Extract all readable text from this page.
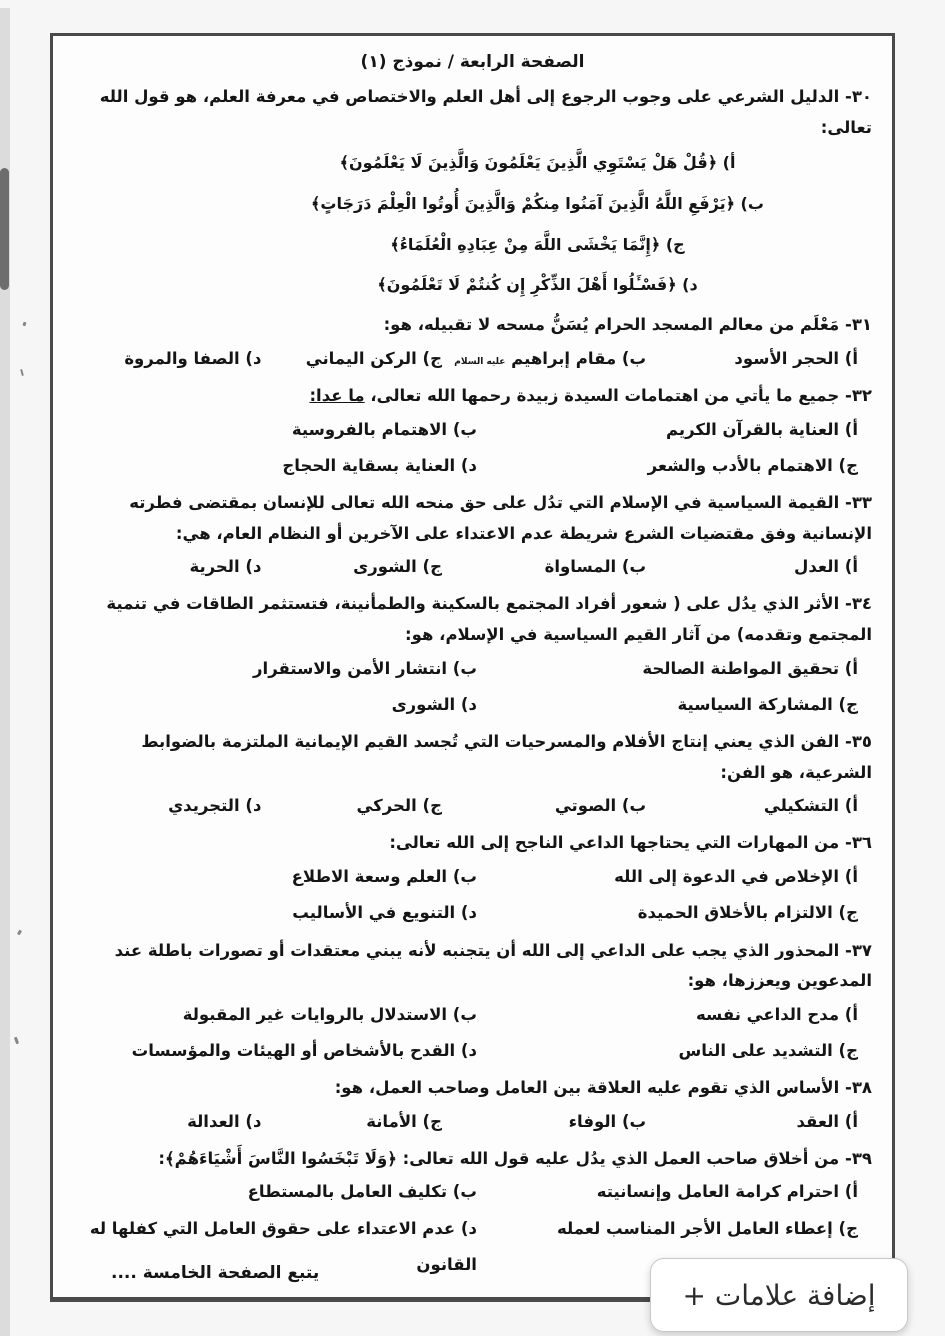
الصفحة الرابعة / نموذج (١)

٣٠- الدليل الشرعي على وجوب الرجوع إلى أهل العلم والاختصاص في معرفة العلم، هو قول الله تعالى:

أ) ﴿قُلْ هَلْ يَسْتَوِي الَّذِينَ يَعْلَمُونَ وَالَّذِينَ لَا يَعْلَمُونَ﴾

ب) ﴿يَرْفَعِ اللَّهُ الَّذِينَ آمَنُوا مِنكُمْ وَالَّذِينَ أُوتُوا الْعِلْمَ دَرَجَاتٍ﴾

ج) ﴿إِنَّمَا يَخْشَى اللَّهَ مِنْ عِبَادِهِ الْعُلَمَاءُ﴾

د) ﴿فَسْـَٔلُوا أَهْلَ الذِّكْرِ إِن كُنتُمْ لَا تَعْلَمُونَ﴾

٣١- مَعْلَم من معالم المسجد الحرام يُسَنُّ مسحه لا تقبيله، هو:

أ) الحجر الأسود

ب) مقام إبراهيم عليه السلام

ج) الركن اليماني

د) الصفا والمروة

٣٢- جميع ما يأتي من اهتمامات السيدة زبيدة رحمها الله تعالى، ما عدا:

أ) العناية بالقرآن الكريم

ب) الاهتمام بالفروسية

ج) الاهتمام بالأدب والشعر

د) العناية بسقاية الحجاج

٣٣- القيمة السياسية في الإسلام التي تدُل على حق منحه الله تعالى للإنسان بمقتضى فطرته الإنسانية وفق مقتضيات الشرع شريطة عدم الاعتداء على الآخرين أو النظام العام، هي:

أ) العدل

ب) المساواة

ج) الشورى

د) الحرية

٣٤- الأثر الذي يدُل على ( شعور أفراد المجتمع بالسكينة والطمأنينة، فتستثمر الطاقات في تنمية المجتمع وتقدمه) من آثار القيم السياسية في الإسلام، هو:

أ) تحقيق المواطنة الصالحة

ب) انتشار الأمن والاستقرار

ج) المشاركة السياسية

د) الشورى

٣٥- الفن الذي يعني إنتاج الأفلام والمسرحيات التي تُجسد القيم الإيمانية الملتزمة بالضوابط الشرعية، هو الفن:

أ) التشكيلي

ب) الصوتي

ج) الحركي

د) التجريدي

٣٦- من المهارات التي يحتاجها الداعي الناجح إلى الله تعالى:

أ) الإخلاص في الدعوة إلى الله

ب) العلم وسعة الاطلاع

ج) الالتزام بالأخلاق الحميدة

د) التنويع في الأساليب

٣٧- المحذور الذي يجب على الداعي إلى الله أن يتجنبه لأنه يبني معتقدات أو تصورات باطلة عند المدعوين ويعززها، هو:

أ) مدح الداعي نفسه

ب) الاستدلال بالروايات غير المقبولة

ج) التشديد على الناس

د) القدح بالأشخاص أو الهيئات والمؤسسات

٣٨- الأساس الذي تقوم عليه العلاقة بين العامل وصاحب العمل، هو:

أ) العقد

ب) الوفاء

ج) الأمانة

د) العدالة

٣٩- من أخلاق صاحب العمل الذي يدُل عليه قول الله تعالى: ﴿وَلَا تَبْخَسُوا النَّاسَ أَشْيَاءَهُمْ﴾:

أ) احترام كرامة العامل وإنسانيته

ب) تكليف العامل بالمستطاع

ج) إعطاء العامل الأجر المناسب لعمله

د) عدم الاعتداء على حقوق العامل التي كفلها له القانون

يتبع الصفحة الخامسة ....
إضافة علامات +
